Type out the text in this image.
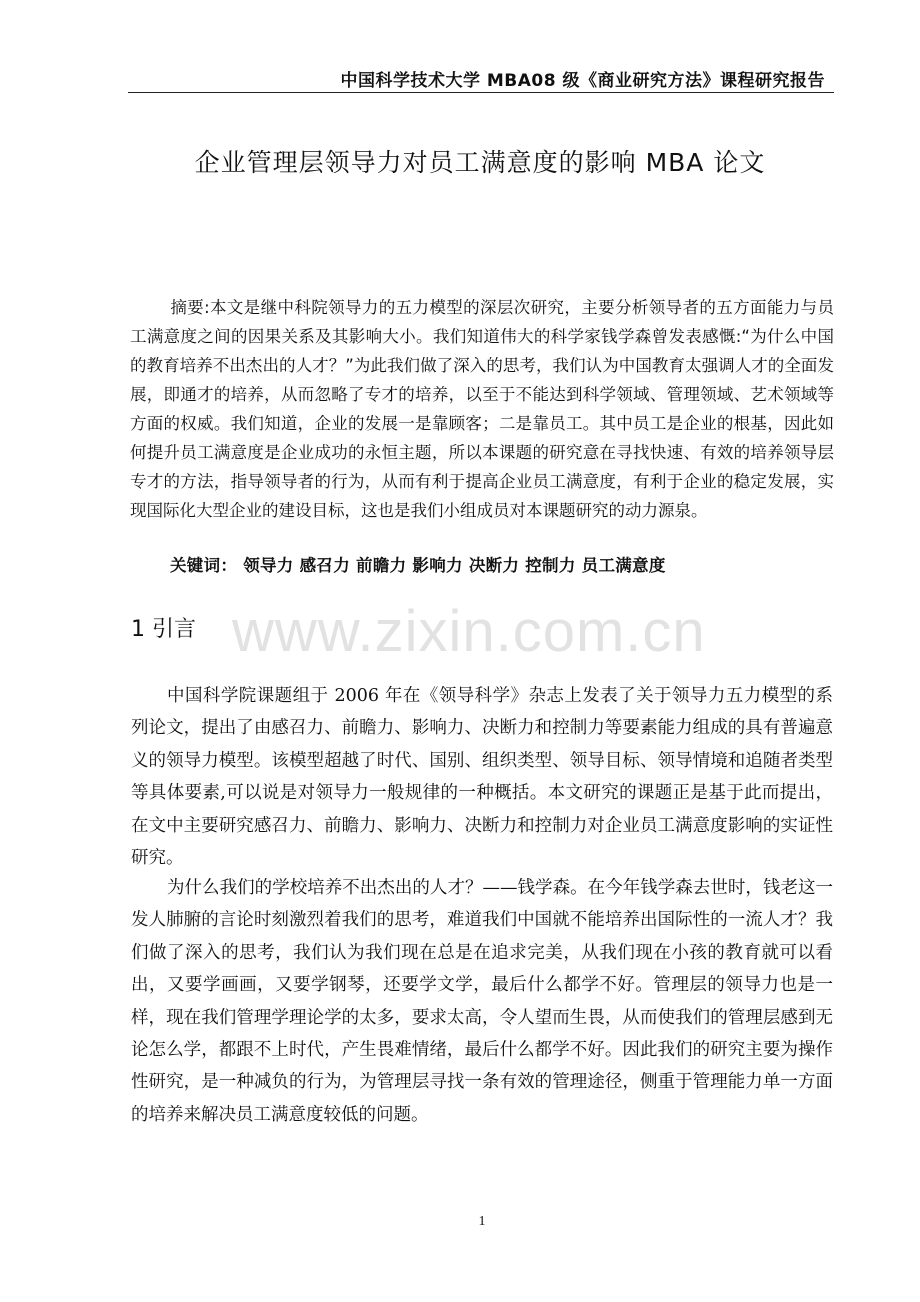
中国科学技术大学 MBA08 级《商业研究方法》课程研究报告
企业管理层领导力对员工满意度的影响 MBA 论文
摘要:本文是继中科院领导力的五力模型的深层次研究，主要分析领导者的五方面能力与员工满意度之间的因果关系及其影响大小。我们知道伟大的科学家钱学森曾发表感慨:“为什么中国的教育培养不出杰出的人才？”为此我们做了深入的思考，我们认为中国教育太强调人才的全面发展，即通才的培养，从而忽略了专才的培养，以至于不能达到科学领域、管理领域、艺术领域等方面的权威。我们知道，企业的发展一是靠顾客；二是靠员工。其中员工是企业的根基，因此如何提升员工满意度是企业成功的永恒主题，所以本课题的研究意在寻找快速、有效的培养领导层专才的方法，指导领导者的行为，从而有利于提高企业员工满意度，有利于企业的稳定发展，实现国际化大型企业的建设目标，这也是我们小组成员对本课题研究的动力源泉。
关键词： 领导力 感召力 前瞻力 影响力 决断力 控制力 员工满意度
www.zixin.com.cn
1 引言

中国科学院课题组于 2006 年在《领导科学》杂志上发表了关于领导力五力模型的系列论文，提出了由感召力、前瞻力、影响力、决断力和控制力等要素能力组成的具有普遍意义的领导力模型。该模型超越了时代、国别、组织类型、领导目标、领导情境和追随者类型等具体要素,可以说是对领导力一般规律的一种概括。本文研究的课题正是基于此而提出，在文中主要研究感召力、前瞻力、影响力、决断力和控制力对企业员工满意度影响的实证性研究。

为什么我们的学校培养不出杰出的人才？——钱学森。在今年钱学森去世时，钱老这一发人肺腑的言论时刻激烈着我们的思考，难道我们中国就不能培养出国际性的一流人才？我们做了深入的思考，我们认为我们现在总是在追求完美，从我们现在小孩的教育就可以看出，又要学画画，又要学钢琴，还要学文学，最后什么都学不好。管理层的领导力也是一样，现在我们管理学理论学的太多，要求太高，令人望而生畏，从而使我们的管理层感到无论怎么学，都跟不上时代，产生畏难情绪，最后什么都学不好。因此我们的研究主要为操作性研究，是一种减负的行为，为管理层寻找一条有效的管理途径，侧重于管理能力单一方面的培养来解决员工满意度较低的问题。

1
